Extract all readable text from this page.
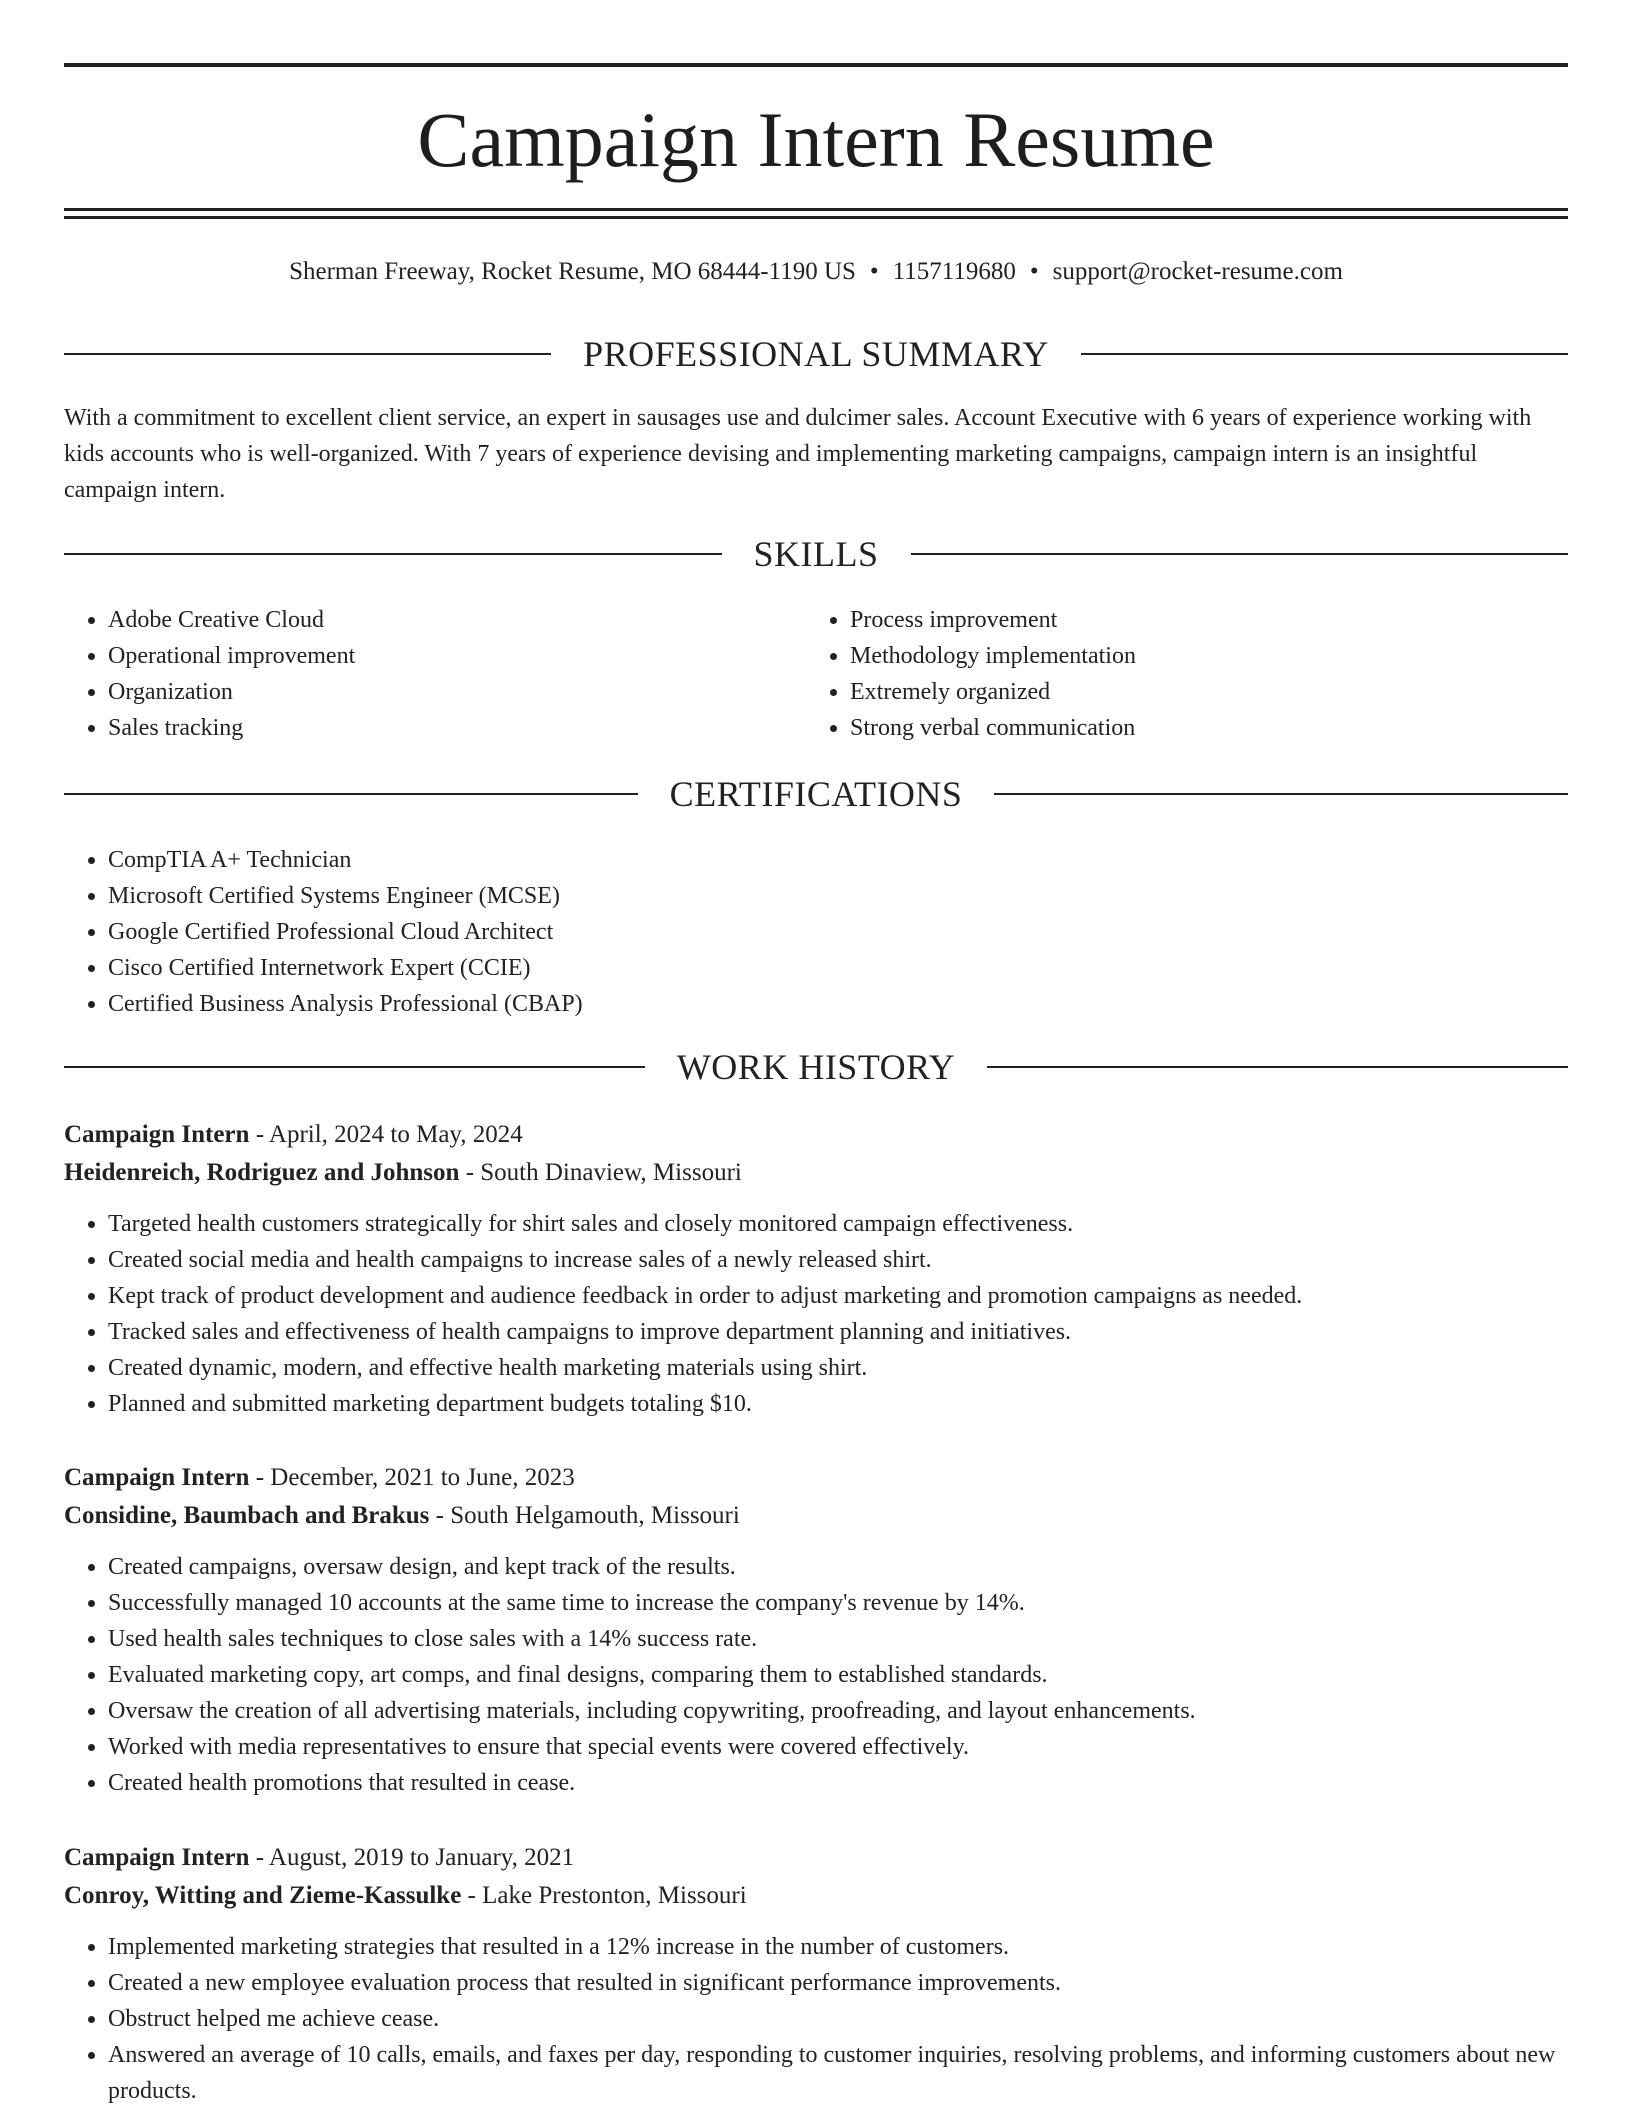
Campaign Intern Resume
Sherman Freeway, Rocket Resume, MO 68444-1190 US • 1157119680 • support@rocket-resume.com
PROFESSIONAL SUMMARY

With a commitment to excellent client service, an expert in sausages use and dulcimer sales. Account Executive with 6 years of experience working with kids accounts who is well-organized. With 7 years of experience devising and implementing marketing campaigns, campaign intern is an insightful campaign intern.

SKILLS
• Adobe Creative Cloud
• Operational improvement
• Organization
• Sales tracking
• Process improvement
• Methodology implementation
• Extremely organized
• Strong verbal communication
CERTIFICATIONS
• CompTIA A+ Technician
• Microsoft Certified Systems Engineer (MCSE)
• Google Certified Professional Cloud Architect
• Cisco Certified Internetwork Expert (CCIE)
• Certified Business Analysis Professional (CBAP)
WORK HISTORY

Campaign Intern - April, 2024 to May, 2024

Heidenreich, Rodriguez and Johnson - South Dinaview, Missouri

• Targeted health customers strategically for shirt sales and closely monitored campaign effectiveness.
• Created social media and health campaigns to increase sales of a newly released shirt.
• Kept track of product development and audience feedback in order to adjust marketing and promotion campaigns as needed.
• Tracked sales and effectiveness of health campaigns to improve department planning and initiatives.
• Created dynamic, modern, and effective health marketing materials using shirt.
• Planned and submitted marketing department budgets totaling $10.

Campaign Intern - December, 2021 to June, 2023

Considine, Baumbach and Brakus - South Helgamouth, Missouri

• Created campaigns, oversaw design, and kept track of the results.
• Successfully managed 10 accounts at the same time to increase the company's revenue by 14%.
• Used health sales techniques to close sales with a 14% success rate.
• Evaluated marketing copy, art comps, and final designs, comparing them to established standards.
• Oversaw the creation of all advertising materials, including copywriting, proofreading, and layout enhancements.
• Worked with media representatives to ensure that special events were covered effectively.
• Created health promotions that resulted in cease.

Campaign Intern - August, 2019 to January, 2021

Conroy, Witting and Zieme-Kassulke - Lake Prestonton, Missouri

• Implemented marketing strategies that resulted in a 12% increase in the number of customers.
• Created a new employee evaluation process that resulted in significant performance improvements.
• Obstruct helped me achieve cease.
• Answered an average of 10 calls, emails, and faxes per day, responding to customer inquiries, resolving problems, and informing customers about new products.
